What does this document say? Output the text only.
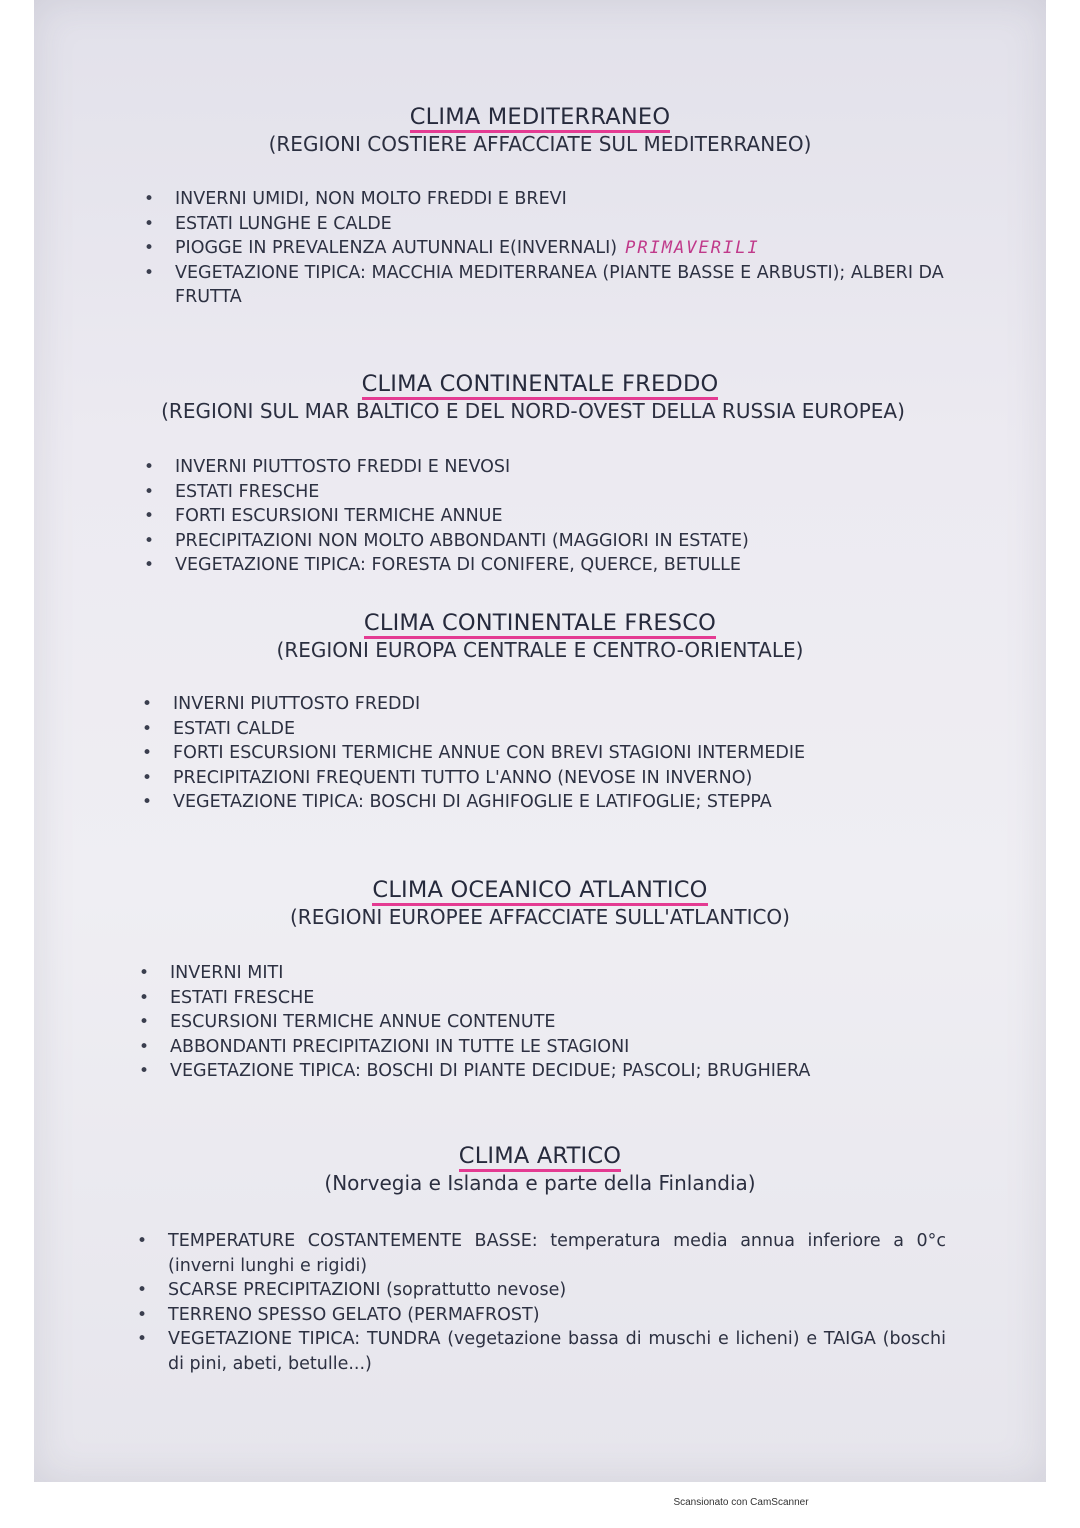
CLIMA MEDITERRANEO
(REGIONI COSTIERE AFFACCIATE SUL MEDITERRANEO)
• INVERNI UMIDI, NON MOLTO FREDDI E BREVI
• ESTATI LUNGHE E CALDE
• PIOGGE IN PREVALENZA AUTUNNALI E(INVERNALI) PRIMAVERILI
• VEGETAZIONE TIPICA: MACCHIA MEDITERRANEA (PIANTE BASSE E ARBUSTI); ALBERI DA FRUTTA
CLIMA CONTINENTALE FREDDO
(REGIONI SUL MAR BALTICO E DEL NORD-OVEST DELLA RUSSIA EUROPEA)
• INVERNI PIUTTOSTO FREDDI E NEVOSI
• ESTATI FRESCHE
• FORTI ESCURSIONI TERMICHE ANNUE
• PRECIPITAZIONI NON MOLTO ABBONDANTI (MAGGIORI IN ESTATE)
• VEGETAZIONE TIPICA: FORESTA DI CONIFERE, QUERCE, BETULLE
CLIMA CONTINENTALE FRESCO
(REGIONI EUROPA CENTRALE E CENTRO-ORIENTALE)
• INVERNI PIUTTOSTO FREDDI
• ESTATI CALDE
• FORTI ESCURSIONI TERMICHE ANNUE CON BREVI STAGIONI INTERMEDIE
• PRECIPITAZIONI FREQUENTI TUTTO L'ANNO (NEVOSE IN INVERNO)
• VEGETAZIONE TIPICA: BOSCHI DI AGHIFOGLIE E LATIFOGLIE; STEPPA
CLIMA OCEANICO ATLANTICO
(REGIONI EUROPEE AFFACCIATE SULL'ATLANTICO)
• INVERNI MITI
• ESTATI FRESCHE
• ESCURSIONI TERMICHE ANNUE CONTENUTE
• ABBONDANTI PRECIPITAZIONI IN TUTTE LE STAGIONI
• VEGETAZIONE TIPICA: BOSCHI DI PIANTE DECIDUE; PASCOLI; BRUGHIERA
CLIMA ARTICO
(Norvegia e Islanda e parte della Finlandia)
• TEMPERATURE COSTANTEMENTE BASSE: temperatura media annua inferiore a 0°c (inverni lunghi e rigidi)
• SCARSE PRECIPITAZIONI (soprattutto nevose)
• TERRENO SPESSO GELATO (PERMAFROST)
• VEGETAZIONE TIPICA: TUNDRA (vegetazione bassa di muschi e licheni) e TAIGA (boschi di pini, abeti, betulle...)
Scansionato con CamScanner
